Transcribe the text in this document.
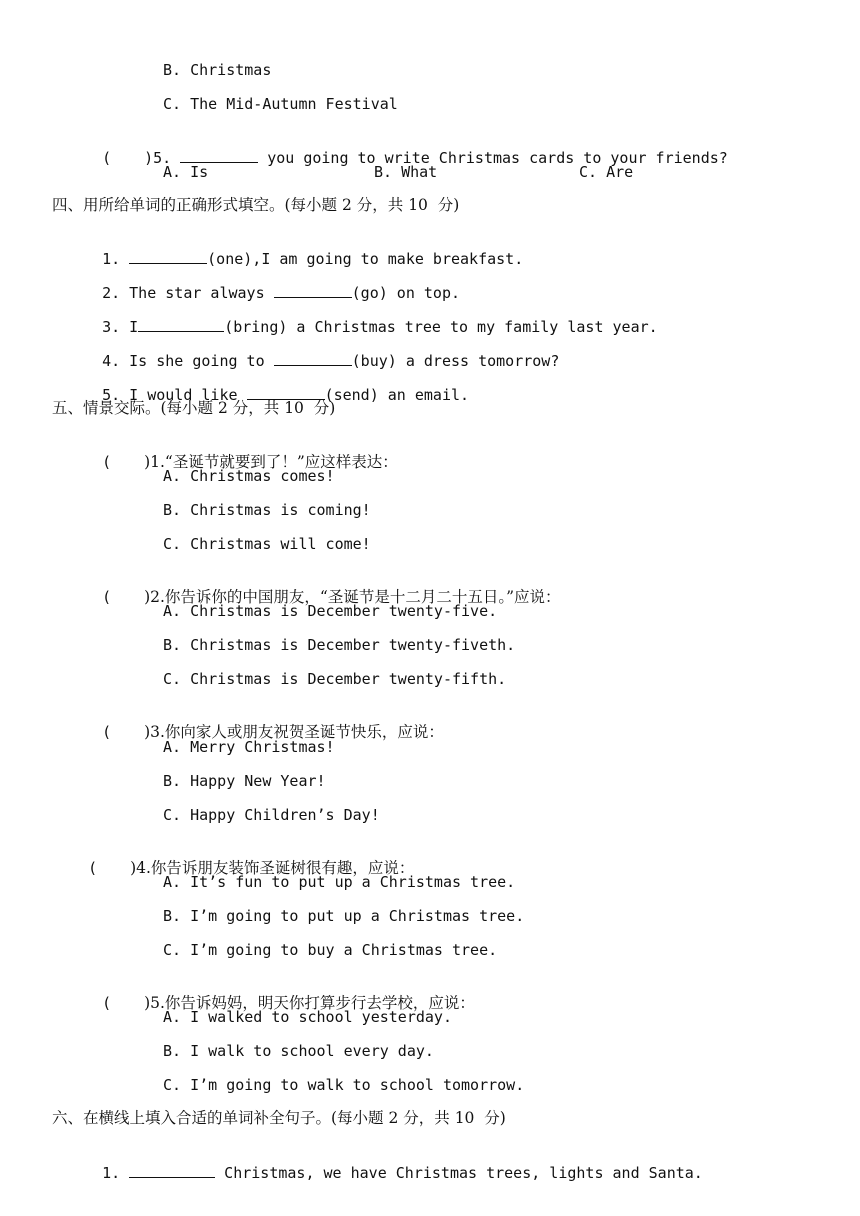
B. Christmas
C. The Mid-Autumn Festival

( )5.	you going to write Christmas cards to your friends?

A. Is	B. What	C. Are
四、用所给单词的正确形式填空。(每小题 2 分，共 10  分)

1.	(one),I am going to make breakfast.

2. The star always	(go) on top.

3. I	(bring) a Christmas tree to my family last year.

4. Is she going to	(buy) a dress tomorrow?

5. I would like	(send) an email.

五、情景交际。(每小题 2 分，共 10  分)

( )1.“圣诞节就要到了！”应这样表达：

A. Christmas comes!
B. Christmas is coming!
C. Christmas will come!

( )2.你告诉你的中国朋友，“圣诞节是十二月二十五日。”应说：

A. Christmas is December twenty-five.
B. Christmas is December twenty-fiveth.
C. Christmas is December twenty-fifth.

( )3.你向家人或朋友祝贺圣诞节快乐，应说：

A. Merry Christmas!
B. Happy New Year!
C. Happy Children’s Day!

( )4.你告诉朋友装饰圣诞树很有趣，应说：

A. It’s fun to put up a Christmas tree.
B. I’m going to put up a Christmas tree.
C. I’m going to buy a Christmas tree.

( )5.你告诉妈妈，明天你打算步行去学校，应说：

A. I walked to school yesterday.
B. I walk to school every day.
C. I’m going to walk to school tomorrow.
六、在横线上填入合适的单词补全句子。(每小题 2 分，共 10  分)

1.	Christmas, we have Christmas trees, lights and Santa.
